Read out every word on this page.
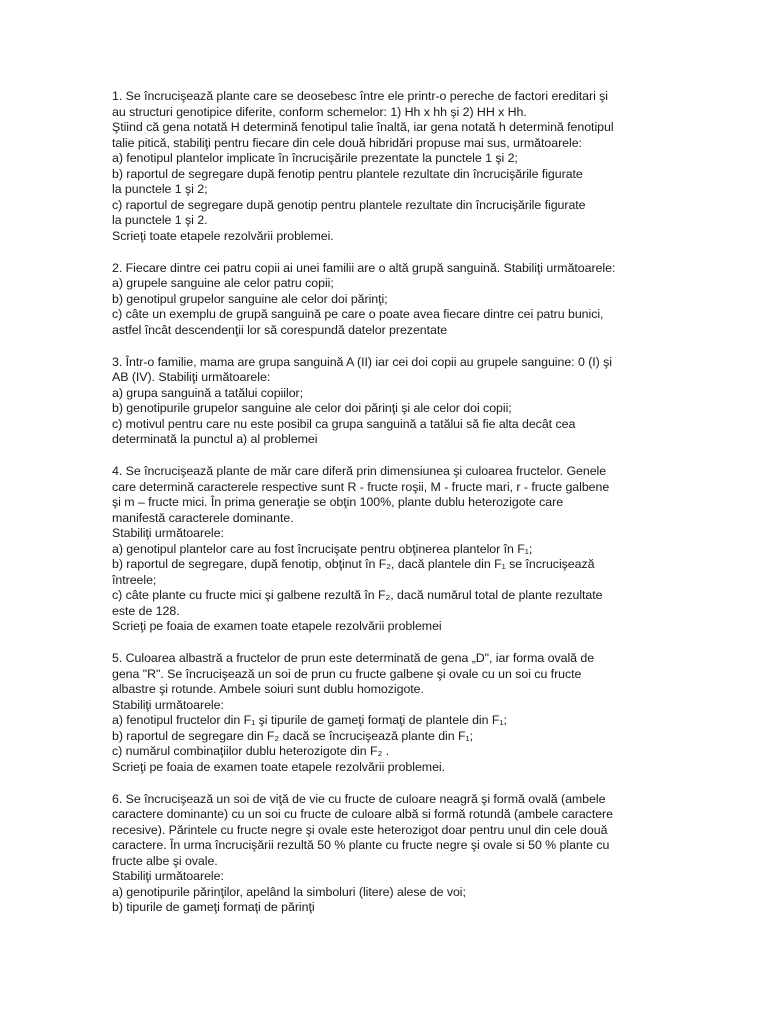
1. Se încrucişează plante care se deosebesc între ele printr-o pereche de factori ereditari şi
au structuri genotipice diferite, conform schemelor: 1) Hh x hh şi 2) HH x Hh.
Ştiind că gena notată H determină fenotipul talie înaltă, iar gena notată h determină fenotipul
talie pitică, stabiliţi pentru fiecare din cele două hibridări propuse mai sus, următoarele:
a) fenotipul plantelor implicate în încrucişările prezentate la punctele 1 şi 2;
b) raportul de segregare după fenotip pentru plantele rezultate din încrucişările figurate
la punctele 1 şi 2;
c) raportul de segregare după genotip pentru plantele rezultate din încrucişările figurate
la punctele 1 şi 2.
Scrieţi toate etapele rezolvării problemei.
2. Fiecare dintre cei patru copii ai unei familii are o altă grupă sanguină. Stabiliţi următoarele:
a) grupele sanguine ale celor patru copii;
b) genotipul grupelor sanguine ale celor doi părinţi;
c) câte un exemplu de grupă sanguină pe care o poate avea fiecare dintre cei patru bunici,
astfel încât descendenţii lor să corespundă datelor prezentate
3. Într-o familie, mama are grupa sanguină A (II) iar cei doi copii au grupele sanguine: 0 (I) şi
AB (IV). Stabiliţi următoarele:
a) grupa sanguină a tatălui copiilor;
b) genotipurile grupelor sanguine ale celor doi părinţi şi ale celor doi copii;
c) motivul pentru care nu este posibil ca grupa sanguină a tatălui să fie alta decât cea
determinată la punctul a) al problemei
4. Se încrucişează plante de măr care diferă prin dimensiunea şi culoarea fructelor. Genele
care determină caracterele respective sunt R - fructe roşii, M - fructe mari, r - fructe galbene
şi m – fructe mici. În prima generaţie se obţin 100%, plante dublu heterozigote care
manifestă caracterele dominante.
Stabiliţi următoarele:
a) genotipul plantelor care au fost încrucişate pentru obţinerea plantelor în F₁;
b) raportul de segregare, după fenotip, obţinut în F₂, dacă plantele din F₁ se încrucişează
întreele;
c) câte plante cu fructe mici şi galbene rezultă în F₂, dacă numărul total de plante rezultate
este de 128.
Scrieţi pe foaia de examen toate etapele rezolvării problemei
5. Culoarea albastră a fructelor de prun este determinată de gena „D", iar forma ovală de
gena "R". Se încrucişează un soi de prun cu fructe galbene şi ovale cu un soi cu fructe
albastre şi rotunde. Ambele soiuri sunt dublu homozigote.
Stabiliţi următoarele:
a) fenotipul fructelor din F₁ şi tipurile de gameţi formaţi de plantele din F₁;
b) raportul de segregare din F₂ dacă se încrucişează plante din F₁;
c) numărul combinaţiilor dublu heterozigote din F₂ .
Scrieţi pe foaia de examen toate etapele rezolvării problemei.
6. Se încrucişează un soi de viţă de vie cu fructe de culoare neagră şi formă ovală (ambele
caractere dominante) cu un soi cu fructe de culoare albă si formă rotundă (ambele caractere
recesive). Părintele cu fructe negre şi ovale este heterozigot doar pentru unul din cele două
caractere. În urma încrucişării rezultă 50 % plante cu fructe negre şi ovale si 50 % plante cu
fructe albe şi ovale.
Stabiliţi următoarele:
a) genotipurile părinţilor, apelând la simboluri (litere) alese de voi;
b) tipurile de gameţi formaţi de părinţi
